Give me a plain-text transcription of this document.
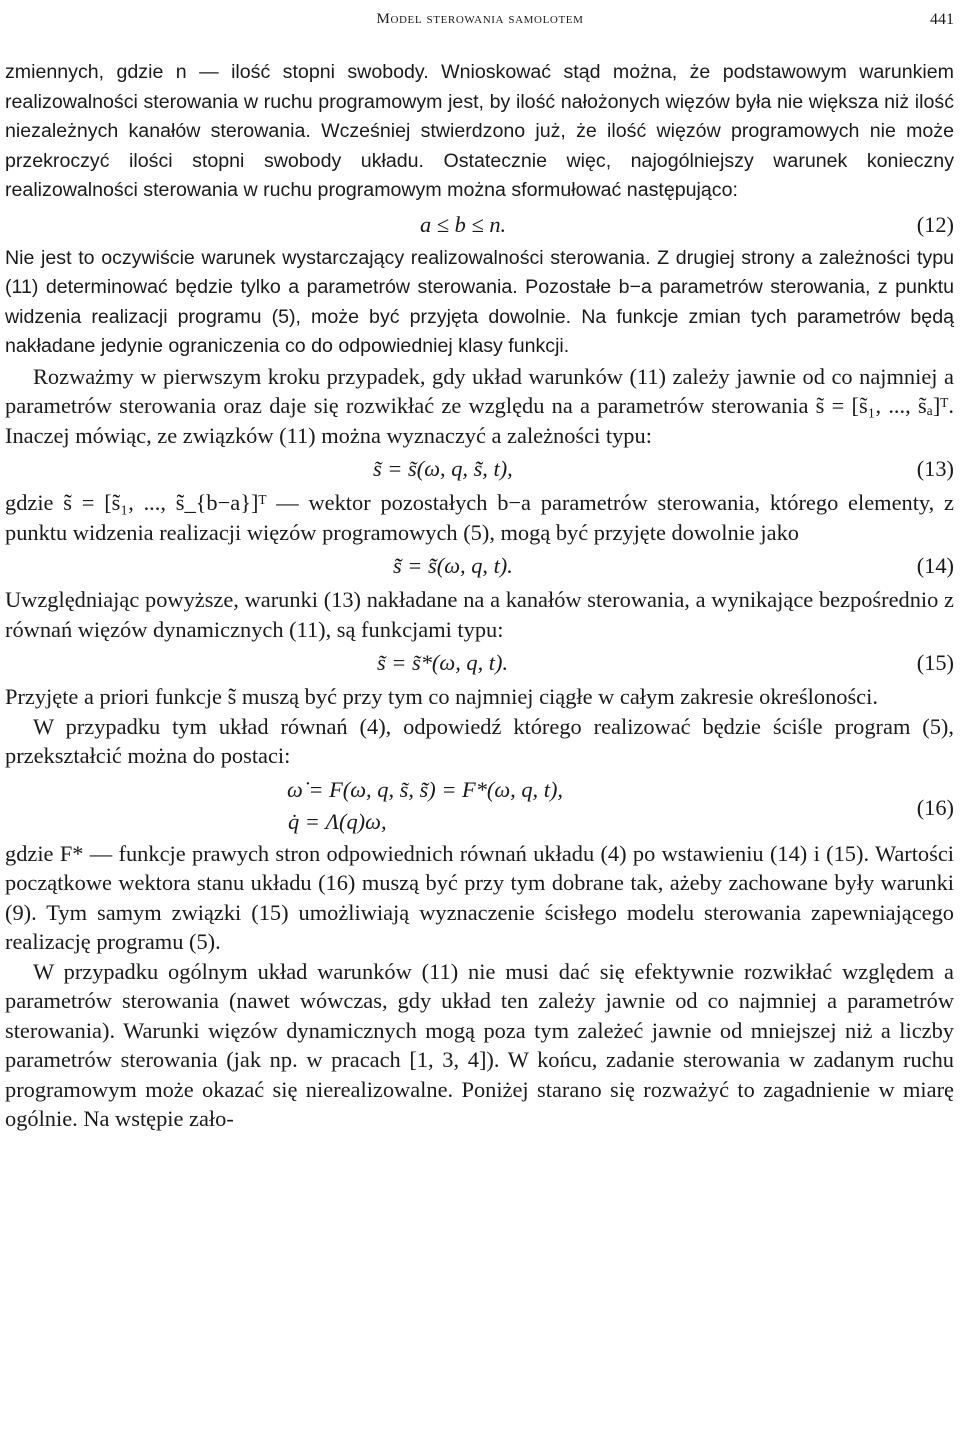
Model sterowania samolotem	441

zmiennych, gdzie n — ilość stopni swobody. Wnioskować stąd można, że podstawowym warunkiem realizowalności sterowania w ruchu programowym jest, by ilość nałożonych więzów była nie większa niż ilość niezależnych kanałów sterowania. Wcześniej stwierdzono już, że ilość więzów programowych nie może przekroczyć ilości stopni swobody układu. Ostatecznie więc, najogólniejszy warunek konieczny realizowalności sterowania w ruchu programowym można sformułować następująco:

a ≤ b ≤ n.	(12)

Nie jest to oczywiście warunek wystarczający realizowalności sterowania. Z drugiej strony a zależności typu (11) determinować będzie tylko a parametrów sterowania. Pozostałe b−a parametrów sterowania, z punktu widzenia realizacji programu (5), może być przyjęta dowolnie. Na funkcje zmian tych parametrów będą nakładane jedynie ograniczenia co do odpowiedniej klasy funkcji.

Rozważmy w pierwszym kroku przypadek, gdy układ warunków (11) zależy jawnie od co najmniej a parametrów sterowania oraz daje się rozwikłać ze względu na a parametrów sterowania s̃ = [s̃₁, ..., s̃ₐ]ᵀ. Inaczej mówiąc, ze związków (11) można wyznaczyć a zależności typu:

s̃ = s̃(ω, q, s̃̃, t),	(13)

gdzie s̃̃ = [s̃̃₁, ..., s̃̃_{b−a}]ᵀ — wektor pozostałych b−a parametrów sterowania, którego elementy, z punktu widzenia realizacji więzów programowych (5), mogą być przyjęte dowolnie jako

s̃̃ = s̃̃(ω, q, t).	(14)

Uwzględniając powyższe, warunki (13) nakładane na a kanałów sterowania, a wynikające bezpośrednio z równań więzów dynamicznych (11), są funkcjami typu:

s̃ = s̃*(ω, q, t).	(15)

Przyjęte a priori funkcje s̃̃ muszą być przy tym co najmniej ciągłe w całym zakresie określoności.

W przypadku tym układ równań (4), odpowiedź którego realizować będzie ściśle program (5), przekształcić można do postaci:

ω̇ = F(ω, q, s̃, s̃̃) = F*(ω, q, t),
q̇ = Λ(q)ω,
(16)

gdzie F* — funkcje prawych stron odpowiednich równań układu (4) po wstawieniu (14) i (15). Wartości początkowe wektora stanu układu (16) muszą być przy tym dobrane tak, ażeby zachowane były warunki (9). Tym samym związki (15) umożliwiają wyznaczenie ścisłego modelu sterowania zapewniającego realizację programu (5).

W przypadku ogólnym układ warunków (11) nie musi dać się efektywnie rozwikłać względem a parametrów sterowania (nawet wówczas, gdy układ ten zależy jawnie od co najmniej a parametrów sterowania). Warunki więzów dynamicznych mogą poza tym zależeć jawnie od mniejszej niż a liczby parametrów sterowania (jak np. w pracach [1, 3, 4]). W końcu, zadanie sterowania w zadanym ruchu programowym może okazać się nierealizowalne. Poniżej starano się rozważyć to zagadnienie w miarę ogólnie. Na wstępie zało-
